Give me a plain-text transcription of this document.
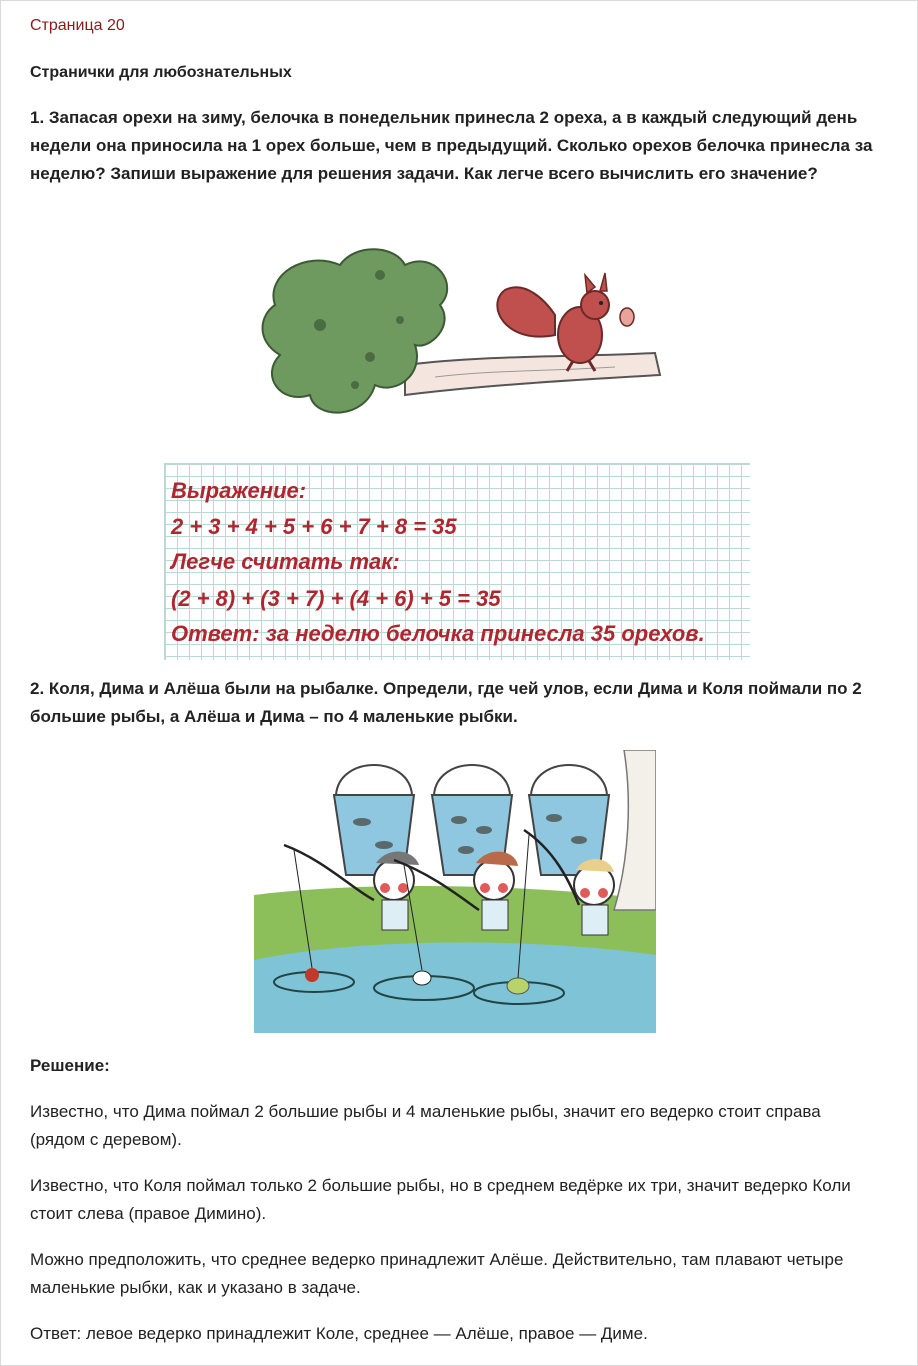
Страница 20

Странички для любознательных

1. Запасая орехи на зиму, белочка в понедельник принесла 2 ореха, а в каждый следующий день недели она приносила на 1 орех больше, чем в предыдущий. Сколько орехов белочка принесла за неделю? Запиши выражение для решения задачи. Как легче всего вычислить его значение?

Выражение:

2 + 3 + 4 + 5 + 6 + 7 + 8 = 35

Легче считать так:

(2 + 8) + (3 + 7) + (4 + 6) + 5 = 35

Ответ: за неделю белочка принесла 35 орехов.

2. Коля, Дима и Алёша были на рыбалке. Определи, где чей улов, если Дима и Коля поймали по 2 большие рыбы, а Алёша и Дима – по 4 маленькие рыбки.

Решение:

Известно, что Дима поймал 2 большие рыбы и 4 маленькие рыбы, значит его ведерко стоит справа (рядом с деревом).

Известно, что Коля поймал только 2 большие рыбы, но в среднем ведёрке их три, значит ведерко Коли стоит слева (правое Димино).

Можно предположить, что среднее ведерко принадлежит Алёше. Действительно, там плавают четыре маленькие рыбки, как и указано в задаче.

Ответ: левое ведерко принадлежит Коле, среднее — Алёше, правое — Диме.
